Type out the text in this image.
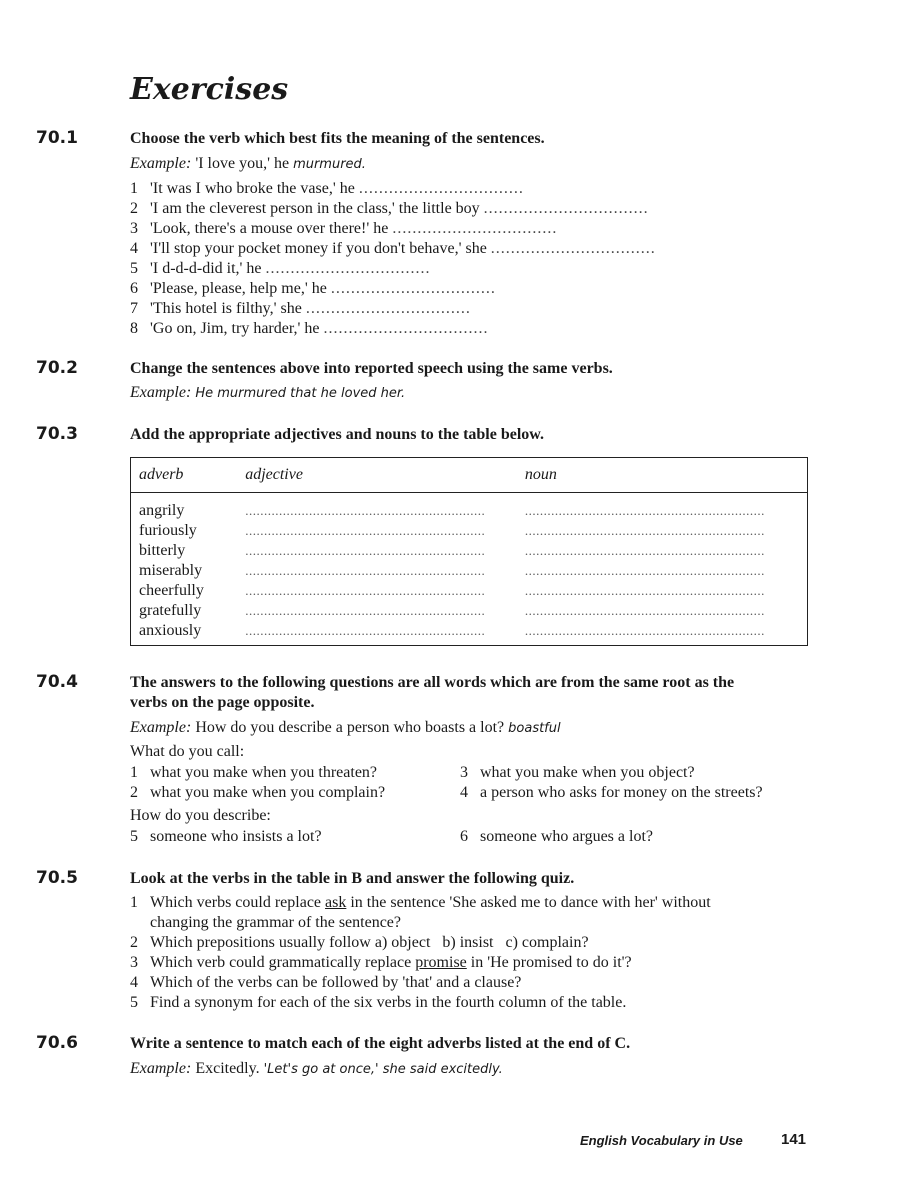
Exercises
70.1	Choose the verb which best fits the meaning of the sentences.
Example: 'I love you,' he murmured.
1 'It was I who broke the vase,' he .................................
2 'I am the cleverest person in the class,' the little boy .................................
3 'Look, there's a mouse over there!' he .................................
4 'I'll stop your pocket money if you don't behave,' she .................................
5 'I d-d-d-did it,' he .................................
6 'Please, please, help me,' he .................................
7 'This hotel is filthy,' she .................................
8 'Go on, Jim, try harder,' he .................................
70.2	Change the sentences above into reported speech using the same verbs.
Example: He murmured that he loved her.
70.3	Add the appropriate adjectives and nouns to the table below.
adverb	adjective	noun
angrily	................................................................	................................................................
furiously	................................................................	................................................................
bitterly	................................................................	................................................................
miserably	................................................................	................................................................
cheerfully	................................................................	................................................................
gratefully	................................................................	................................................................
anxiously	................................................................	................................................................
70.4	The answers to the following questions are all words which are from the same root as the
verbs on the page opposite.
Example: How do you describe a person who boasts a lot? boastful
What do you call:
1 what you make when you threaten?	3 what you make when you object?
2 what you make when you complain?	4 a person who asks for money on the streets?
How do you describe:
5 someone who insists a lot?	6 someone who argues a lot?
70.5	Look at the verbs in the table in B and answer the following quiz.
1 Which verbs could replace ask in the sentence 'She asked me to dance with her' without
changing the grammar of the sentence?
2 Which prepositions usually follow a) object   b) insist   c) complain?
3 Which verb could grammatically replace promise in 'He promised to do it'?
4 Which of the verbs can be followed by 'that' and a clause?
5 Find a synonym for each of the six verbs in the fourth column of the table.
70.6	Write a sentence to match each of the eight adverbs listed at the end of C.
Example: Excitedly. 'Let's go at once,' she said excitedly.
English Vocabulary in Use	141
